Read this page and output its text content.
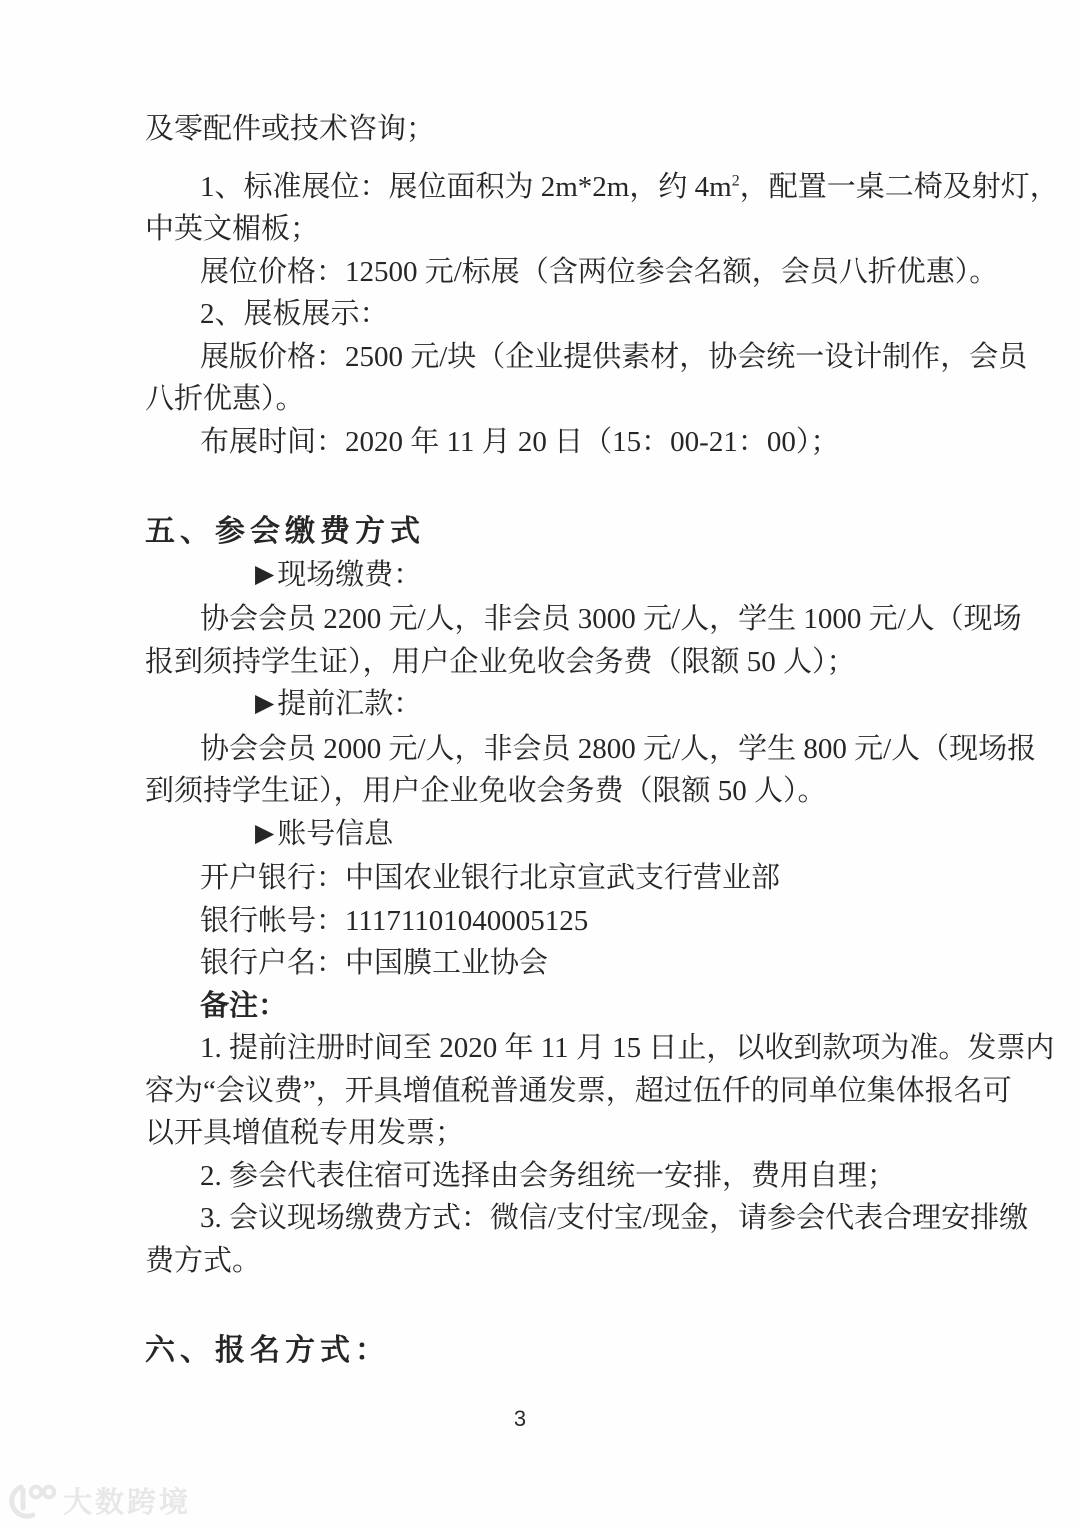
及零配件或技术咨询；

1、标准展位：展位面积为 2m*2m，约 $4m^2$，配置一桌二椅及射灯，

中英文楣板；

展位价格：12500 元/标展（含两位参会名额，会员八折优惠）。

2、展板展示：

展版价格：2500 元/块（企业提供素材，协会统一设计制作，会员

八折优惠）。

布展时间：2020 年 11 月 20 日（15：00-21：00）；

五、参会缴费方式

▶ 现场缴费：

协会会员 2200 元/人，非会员 3000 元/人，学生 1000 元/人（现场

报到须持学生证），用户企业免收会务费（限额 50 人）；

▶ 提前汇款：

协会会员 2000 元/人，非会员 2800 元/人，学生 800 元/人（现场报

到须持学生证），用户企业免收会务费（限额 50 人）。

▶ 账号信息

开户银行：中国农业银行北京宣武支行营业部

银行帐号：11171101040005125

银行户名：中国膜工业协会

备注：

1. 提前注册时间至 2020 年 11 月 15 日止，以收到款项为准。发票内

容为“会议费”，开具增值税普通发票，超过伍仟的同单位集体报名可

以开具增值税专用发票；

2. 参会代表住宿可选择由会务组统一安排，费用自理；

3. 会议现场缴费方式：微信/支付宝/现金，请参会代表合理安排缴

费方式。

六、报名方式：
3
大数跨境
